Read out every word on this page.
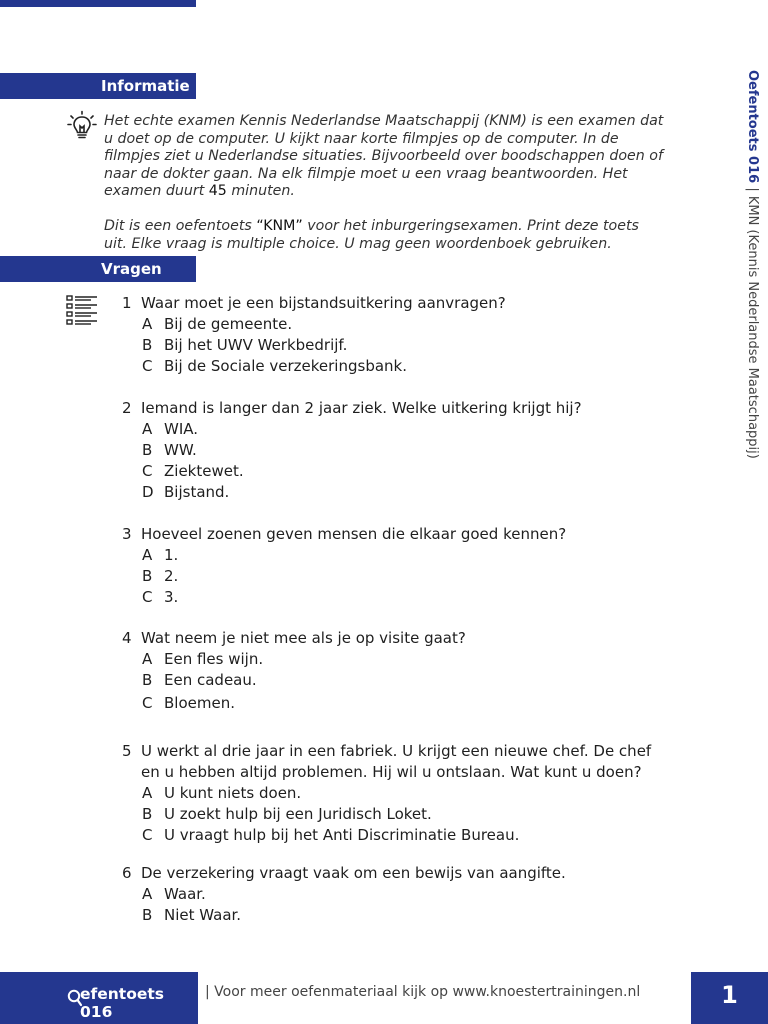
Informatie

Het echte examen Kennis Nederlandse Maatschappij (KNM) is een examen dat u doet op de computer. U kijkt naar korte filmpjes op de computer. In de filmpjes ziet u Nederlandse situaties. Bijvoorbeeld over boodschappen doen of naar de dokter gaan. Na elk filmpje moet u een vraag beantwoorden. Het examen duurt 45 minuten.

Dit is een oefentoets “KNM” voor het inburgeringsexamen. Print deze toets uit. Elke vraag is multiple choice. U mag geen woordenboek gebruiken.

Vragen
1 Waar moet je een bijstandsuitkering aanvragen?
A Bij de gemeente.
B Bij het UWV Werkbedrijf.
C Bij de Sociale verzekeringsbank.
2 Iemand is langer dan 2 jaar ziek. Welke uitkering krijgt hij?
A WIA.
B WW.
C Ziektewet.
D Bijstand.
3 Hoeveel zoenen geven mensen die elkaar goed kennen?
A 1.
B 2.
C 3.
4 Wat neem je niet mee als je op visite gaat?
A Een fles wijn.
B Een cadeau.
C Bloemen.
5 U werkt al drie jaar in een fabriek. U krijgt een nieuwe chef. De chef en u hebben altijd problemen. Hij wil u ontslaan. Wat kunt u doen?
A U kunt niets doen.
B U zoekt hulp bij een Juridisch Loket.
C U vraagt hulp bij het Anti Discriminatie Bureau.
6 De verzekering vraagt vaak om een bewijs van aangifte.
A Waar.
B Niet Waar.
Oefentoets 016 | KMN (Kennis Nederlandse Maatschappij)
efentoets 016
| Voor meer oefenmateriaal kijk op www.knoestertrainingen.nl	1
